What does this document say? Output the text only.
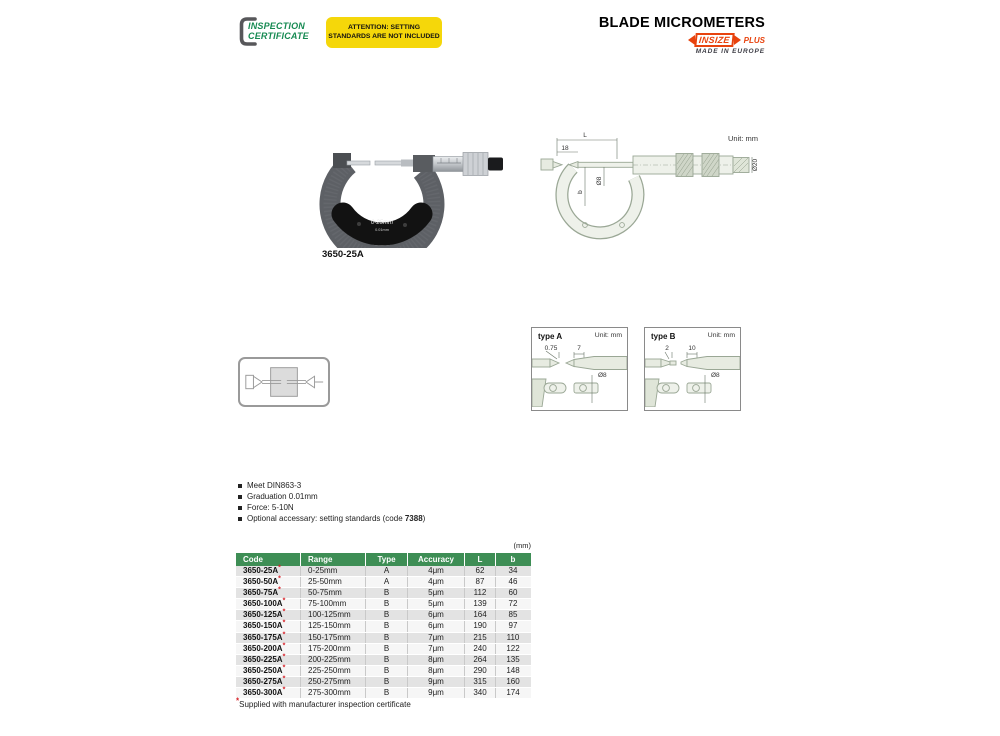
INSPECTION
CERTIFICATE
ATTENTION: SETTING
STANDARDS ARE NOT INCLUDED
BLADE MICROMETERS
INSIZE	PLUS
MADE IN EUROPE
0-25mm
0.01mm
3650-25A
Unit: mm
L
18
Ø8
b
Ø20
type A	Unit: mm
0.75	7
Ø8
type B	Unit: mm
2	10
Ø8
Meet DIN863-3
Graduation 0.01mm
Force: 5-10N
Optional accessary: setting standards (code 7388)
(mm)
Code	Range	Type	Accuracy	L	b
3650-25A*	0-25mm	A	4μm	62	34
3650-50A*	25-50mm	A	4μm	87	46
3650-75A*	50-75mm	B	5μm	112	60
3650-100A*	75-100mm	B	5μm	139	72
3650-125A*	100-125mm	B	6μm	164	85
3650-150A*	125-150mm	B	6μm	190	97
3650-175A*	150-175mm	B	7μm	215	110
3650-200A*	175-200mm	B	7μm	240	122
3650-225A*	200-225mm	B	8μm	264	135
3650-250A*	225-250mm	B	8μm	290	148
3650-275A*	250-275mm	B	9μm	315	160
3650-300A*	275-300mm	B	9μm	340	174
*Supplied with manufacturer inspection certificate
